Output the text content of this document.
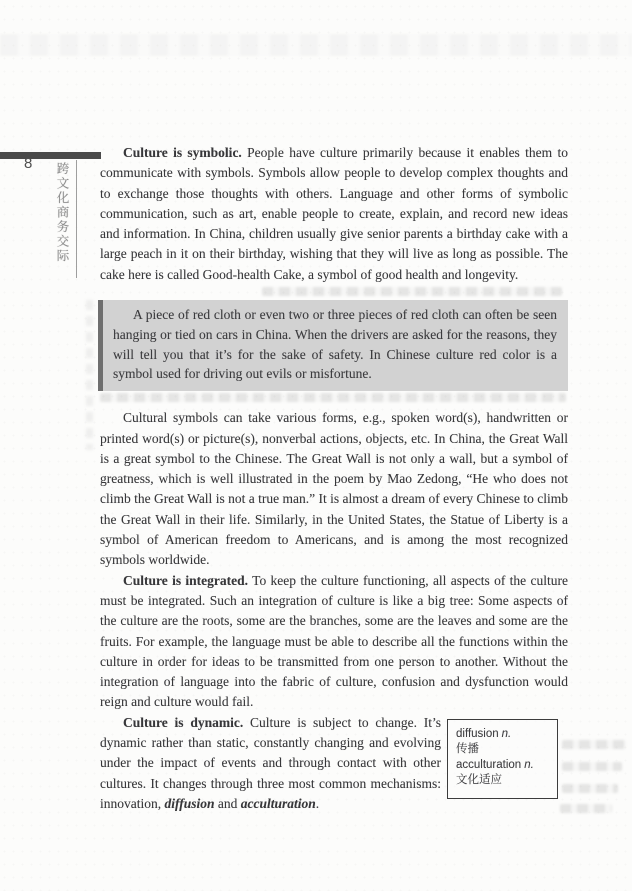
8 跨文化商务交际

Culture is symbolic. People have culture primarily because it enables them to communicate with symbols. Symbols allow people to develop complex thoughts and to exchange those thoughts with others. Language and other forms of symbolic communication, such as art, enable people to create, explain, and record new ideas and information. In China, children usually give senior parents a birthday cake with a large peach in it on their birthday, wishing that they will live as long as possible. The cake here is called Good-health Cake, a symbol of good health and longevity.

A piece of red cloth or even two or three pieces of red cloth can often be seen hanging or tied on cars in China. When the drivers are asked for the reasons, they will tell you that it’s for the sake of safety. In Chinese culture red color is a symbol used for driving out evils or misfortune.

Cultural symbols can take various forms, e.g., spoken word(s), handwritten or printed word(s) or picture(s), nonverbal actions, objects, etc. In China, the Great Wall is a great symbol to the Chinese. The Great Wall is not only a wall, but a symbol of greatness, which is well illustrated in the poem by Mao Zedong, “He who does not climb the Great Wall is not a true man.” It is almost a dream of every Chinese to climb the Great Wall in their life. Similarly, in the United States, the Statue of Liberty is a symbol of American freedom to Americans, and is among the most recognized symbols worldwide.

Culture is integrated. To keep the culture functioning, all aspects of the culture must be integrated. Such an integration of culture is like a big tree: Some aspects of the culture are the roots, some are the branches, some are the leaves and some are the fruits. For example, the language must be able to describe all the functions within the culture in order for ideas to be transmitted from one person to another. Without the integration of language into the fabric of culture, confusion and dysfunction would reign and culture would fail.

diffusion n.
传播
acculturation n.
文化适应

Culture is dynamic. Culture is subject to change. It’s dynamic rather than static, constantly changing and evolving under the impact of events and through contact with other cultures. It changes through three most common mechanisms: innovation, diffusion and acculturation.
